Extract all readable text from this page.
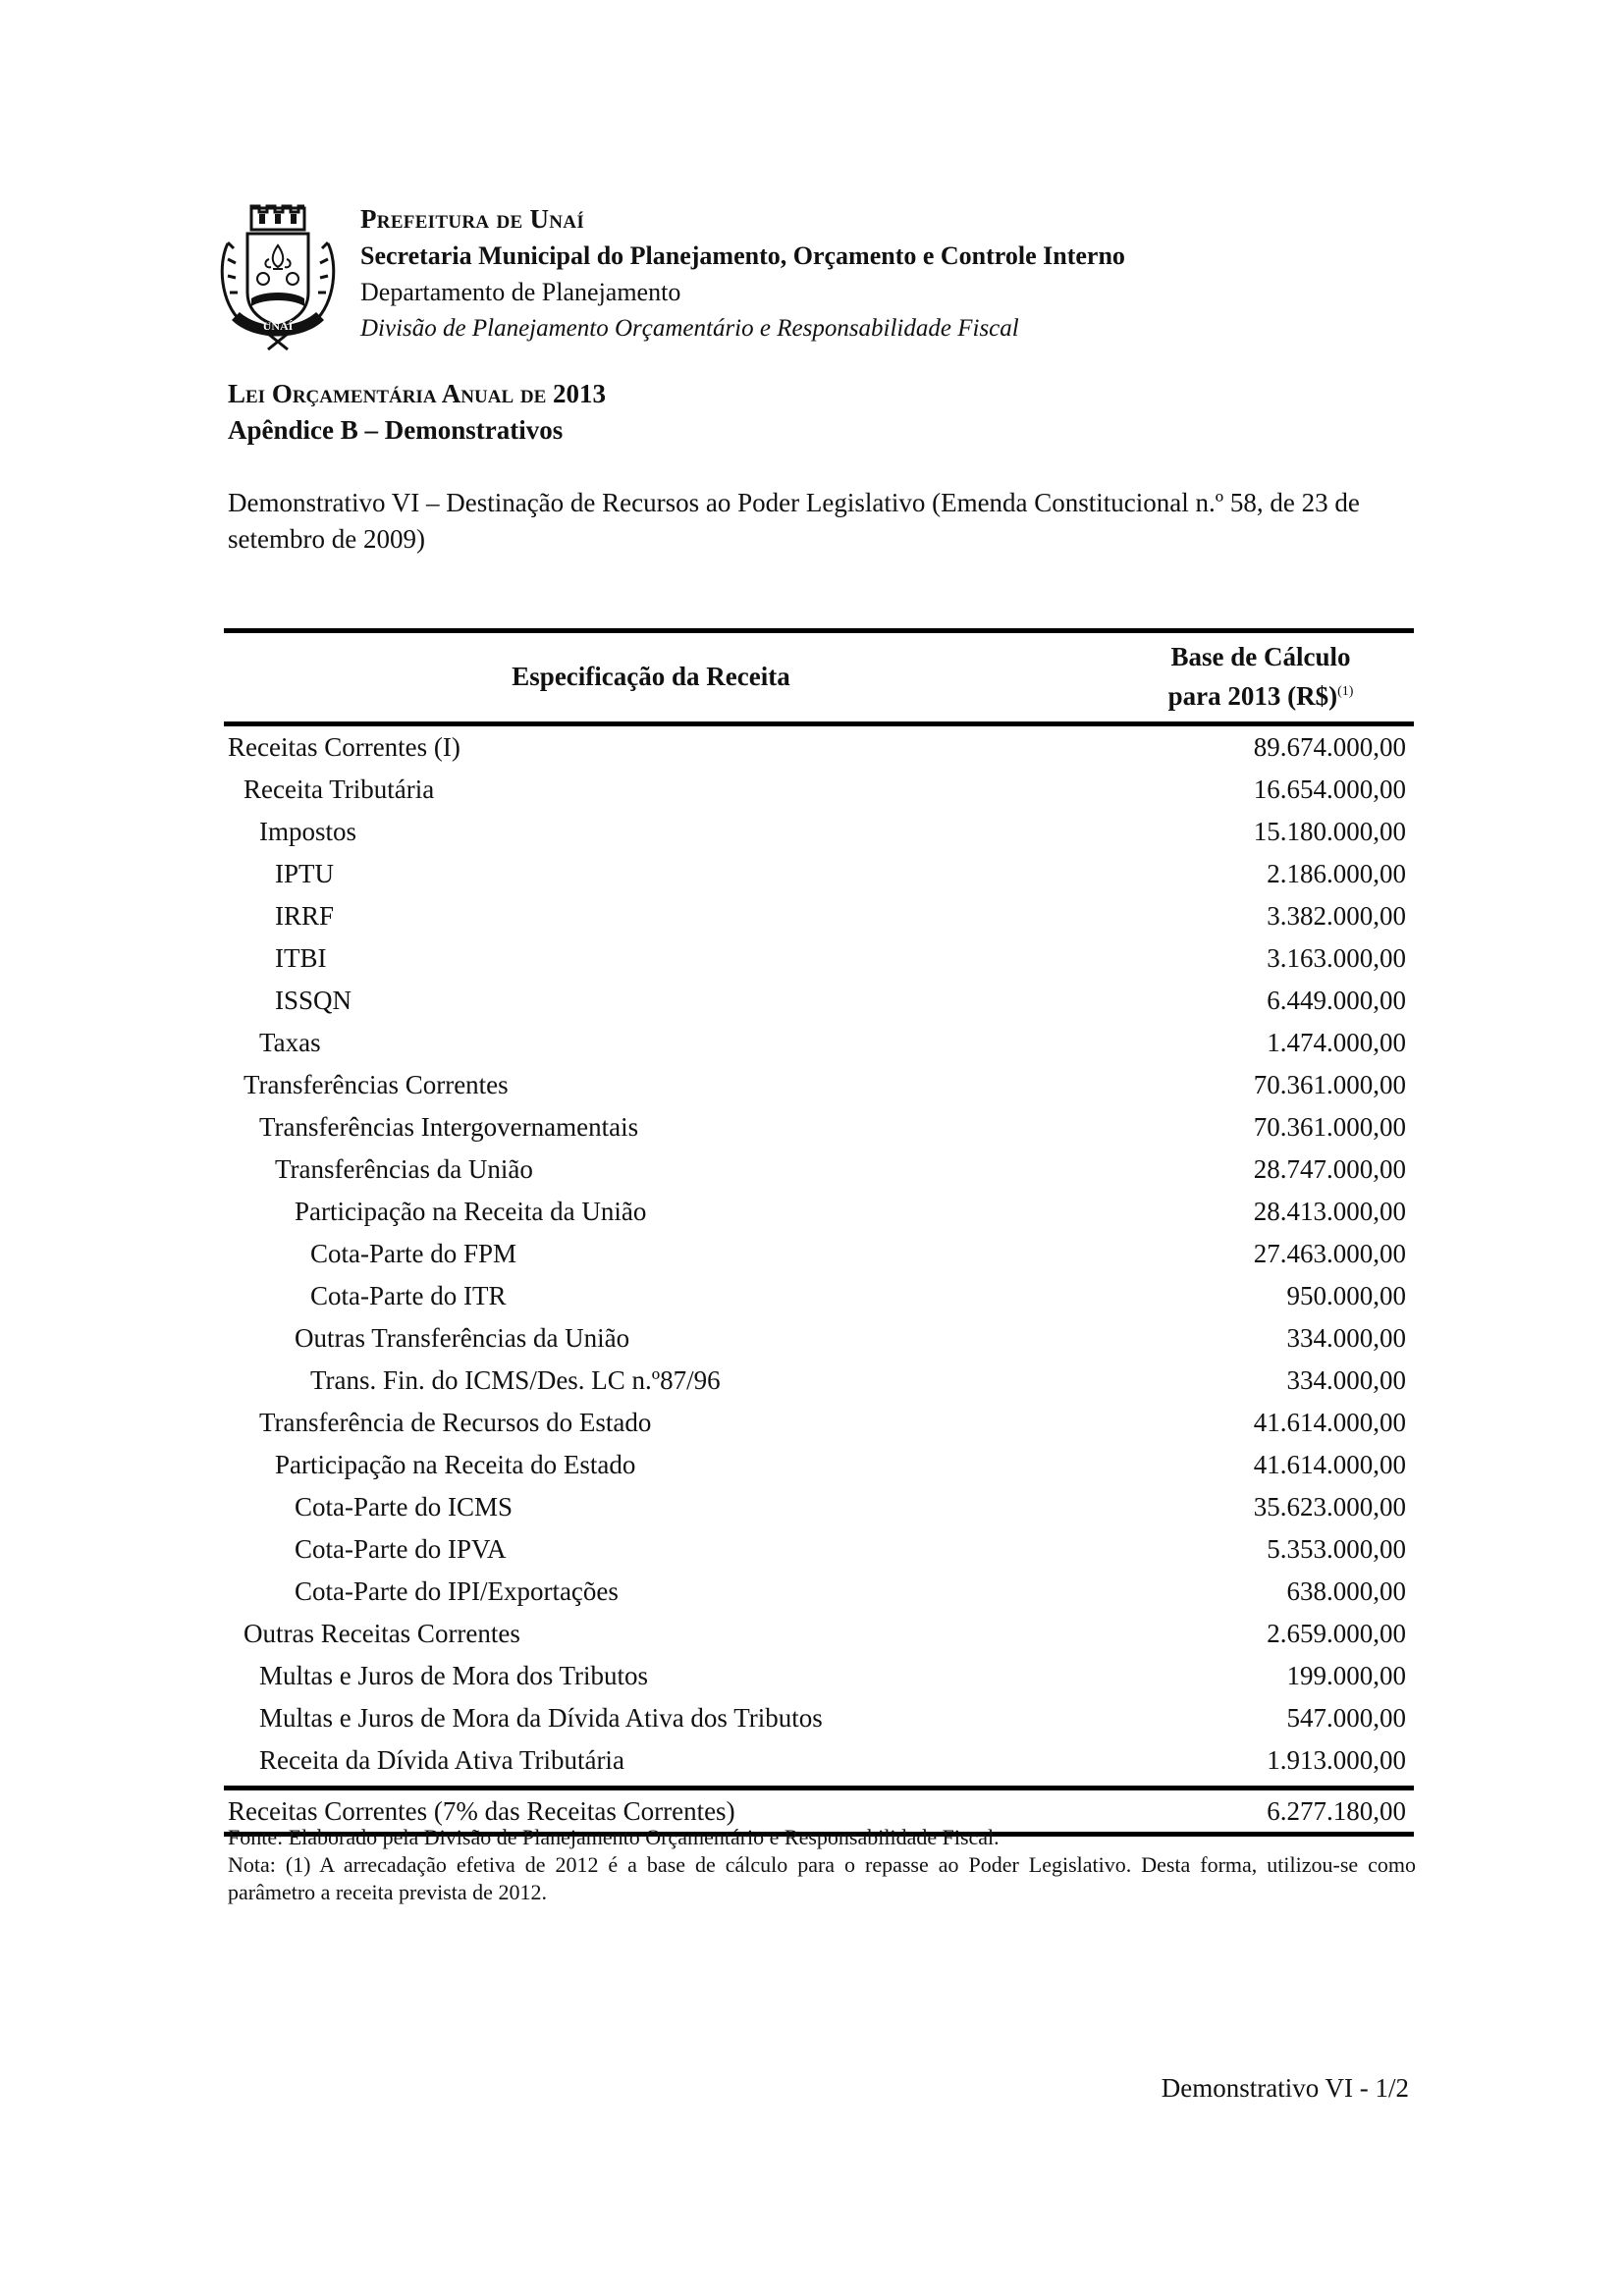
UNAÍ
Prefeitura de Unaí
Secretaria Municipal do Planejamento, Orçamento e Controle Interno
Departamento de Planejamento
Divisão de Planejamento Orçamentário e Responsabilidade Fiscal
Lei Orçamentária Anual de 2013
Apêndice B – Demonstrativos
Demonstrativo VI – Destinação de Recursos ao Poder Legislativo (Emenda Constitucional n.º 58, de 23 de setembro de 2009)
Especificação da Receita	Base de Cálculo
para 2013 (R$)$^{(1)}$
Receitas Correntes (I)	89.674.000,00
Receita Tributária	16.654.000,00
Impostos	15.180.000,00
IPTU	2.186.000,00
IRRF	3.382.000,00
ITBI	3.163.000,00
ISSQN	6.449.000,00
Taxas	1.474.000,00
Transferências Correntes	70.361.000,00
Transferências Intergovernamentais	70.361.000,00
Transferências da União	28.747.000,00
Participação na Receita da União	28.413.000,00
Cota-Parte do FPM	27.463.000,00
Cota-Parte do ITR	950.000,00
Outras Transferências da União	334.000,00
Trans. Fin. do ICMS/Des. LC n.º87/96	334.000,00
Transferência de Recursos do Estado	41.614.000,00
Participação na Receita do Estado	41.614.000,00
Cota-Parte do ICMS	35.623.000,00
Cota-Parte do IPVA	5.353.000,00
Cota-Parte do IPI/Exportações	638.000,00
Outras Receitas Correntes	2.659.000,00
Multas e Juros de Mora dos Tributos	199.000,00
Multas e Juros de Mora da Dívida Ativa dos Tributos	547.000,00
Receita da Dívida Ativa Tributária	1.913.000,00
Receitas Correntes (7% das Receitas Correntes)	6.277.180,00
Fonte: Elaborado pela Divisão de Planejamento Orçamentário e Responsabilidade Fiscal.
Nota: (1) A arrecadação efetiva de 2012 é a base de cálculo para o repasse ao Poder Legislativo. Desta forma, utilizou-se como parâmetro a receita prevista de 2012.
Demonstrativo VI - 1/2
